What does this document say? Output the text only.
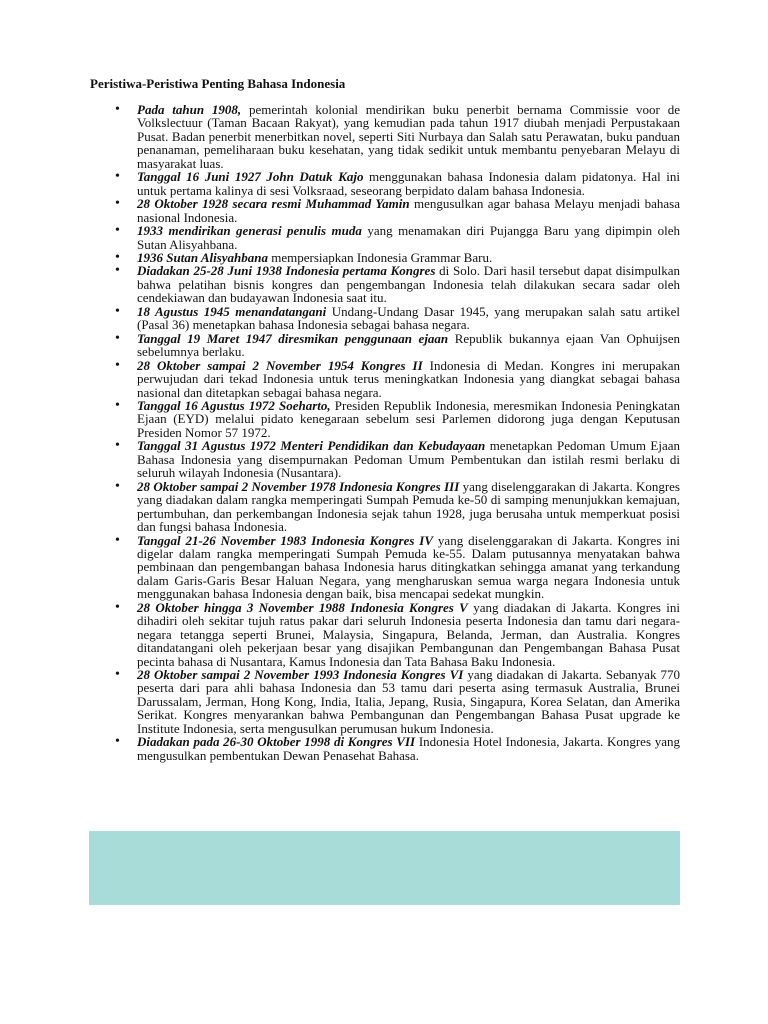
Peristiwa-Peristiwa Penting Bahasa Indonesia
• Pada tahun 1908, pemerintah kolonial mendirikan buku penerbit bernama Commissie voor de Volkslectuur (Taman Bacaan Rakyat), yang kemudian pada tahun 1917 diubah menjadi Perpustakaan Pusat. Badan penerbit menerbitkan novel, seperti Siti Nurbaya dan Salah satu Perawatan, buku panduan penanaman, pemeliharaan buku kesehatan, yang tidak sedikit untuk membantu penyebaran Melayu di masyarakat luas.
• Tanggal 16 Juni 1927 John Datuk Kajo menggunakan bahasa Indonesia dalam pidatonya. Hal ini untuk pertama kalinya di sesi Volksraad, seseorang berpidato dalam bahasa Indonesia.
• 28 Oktober 1928 secara resmi Muhammad Yamin mengusulkan agar bahasa Melayu menjadi bahasa nasional Indonesia.
• 1933 mendirikan generasi penulis muda yang menamakan diri Pujangga Baru yang dipimpin oleh Sutan Alisyahbana.
• 1936 Sutan Alisyahbana mempersiapkan Indonesia Grammar Baru.
• Diadakan 25-28 Juni 1938 Indonesia pertama Kongres di Solo. Dari hasil tersebut dapat disimpulkan bahwa pelatihan bisnis kongres dan pengembangan Indonesia telah dilakukan secara sadar oleh cendekiawan dan budayawan Indonesia saat itu.
• 18 Agustus 1945 menandatangani Undang-Undang Dasar 1945, yang merupakan salah satu artikel (Pasal 36) menetapkan bahasa Indonesia sebagai bahasa negara.
• Tanggal 19 Maret 1947 diresmikan penggunaan ejaan Republik bukannya ejaan Van Ophuijsen sebelumnya berlaku.
• 28 Oktober sampai 2 November 1954 Kongres II Indonesia di Medan. Kongres ini merupakan perwujudan dari tekad Indonesia untuk terus meningkatkan Indonesia yang diangkat sebagai bahasa nasional dan ditetapkan sebagai bahasa negara.
• Tanggal 16 Agustus 1972 Soeharto, Presiden Republik Indonesia, meresmikan Indonesia Peningkatan Ejaan (EYD) melalui pidato kenegaraan sebelum sesi Parlemen didorong juga dengan Keputusan Presiden Nomor 57 1972.
• Tanggal 31 Agustus 1972 Menteri Pendidikan dan Kebudayaan menetapkan Pedoman Umum Ejaan Bahasa Indonesia yang disempurnakan Pedoman Umum Pembentukan dan istilah resmi berlaku di seluruh wilayah Indonesia (Nusantara).
• 28 Oktober sampai 2 November 1978 Indonesia Kongres III yang diselenggarakan di Jakarta. Kongres yang diadakan dalam rangka memperingati Sumpah Pemuda ke-50 di samping menunjukkan kemajuan, pertumbuhan, dan perkembangan Indonesia sejak tahun 1928, juga berusaha untuk memperkuat posisi dan fungsi bahasa Indonesia.
• Tanggal 21-26 November 1983 Indonesia Kongres IV yang diselenggarakan di Jakarta. Kongres ini digelar dalam rangka memperingati Sumpah Pemuda ke-55. Dalam putusannya menyatakan bahwa pembinaan dan pengembangan bahasa Indonesia harus ditingkatkan sehingga amanat yang terkandung dalam Garis-Garis Besar Haluan Negara, yang mengharuskan semua warga negara Indonesia untuk menggunakan bahasa Indonesia dengan baik, bisa mencapai sedekat mungkin.
• 28 Oktober hingga 3 November 1988 Indonesia Kongres V yang diadakan di Jakarta. Kongres ini dihadiri oleh sekitar tujuh ratus pakar dari seluruh Indonesia peserta Indonesia dan tamu dari negara-negara tetangga seperti Brunei, Malaysia, Singapura, Belanda, Jerman, dan Australia. Kongres ditandatangani oleh pekerjaan besar yang disajikan Pembangunan dan Pengembangan Bahasa Pusat pecinta bahasa di Nusantara, Kamus Indonesia dan Tata Bahasa Baku Indonesia.
• 28 Oktober sampai 2 November 1993 Indonesia Kongres VI yang diadakan di Jakarta. Sebanyak 770 peserta dari para ahli bahasa Indonesia dan 53 tamu dari peserta asing termasuk Australia, Brunei Darussalam, Jerman, Hong Kong, India, Italia, Jepang, Rusia, Singapura, Korea Selatan, dan Amerika Serikat. Kongres menyarankan bahwa Pembangunan dan Pengembangan Bahasa Pusat upgrade ke Institute Indonesia, serta mengusulkan perumusan hukum Indonesia.
• Diadakan pada 26-30 Oktober 1998 di Kongres VII Indonesia Hotel Indonesia, Jakarta. Kongres yang mengusulkan pembentukan Dewan Penasehat Bahasa.
